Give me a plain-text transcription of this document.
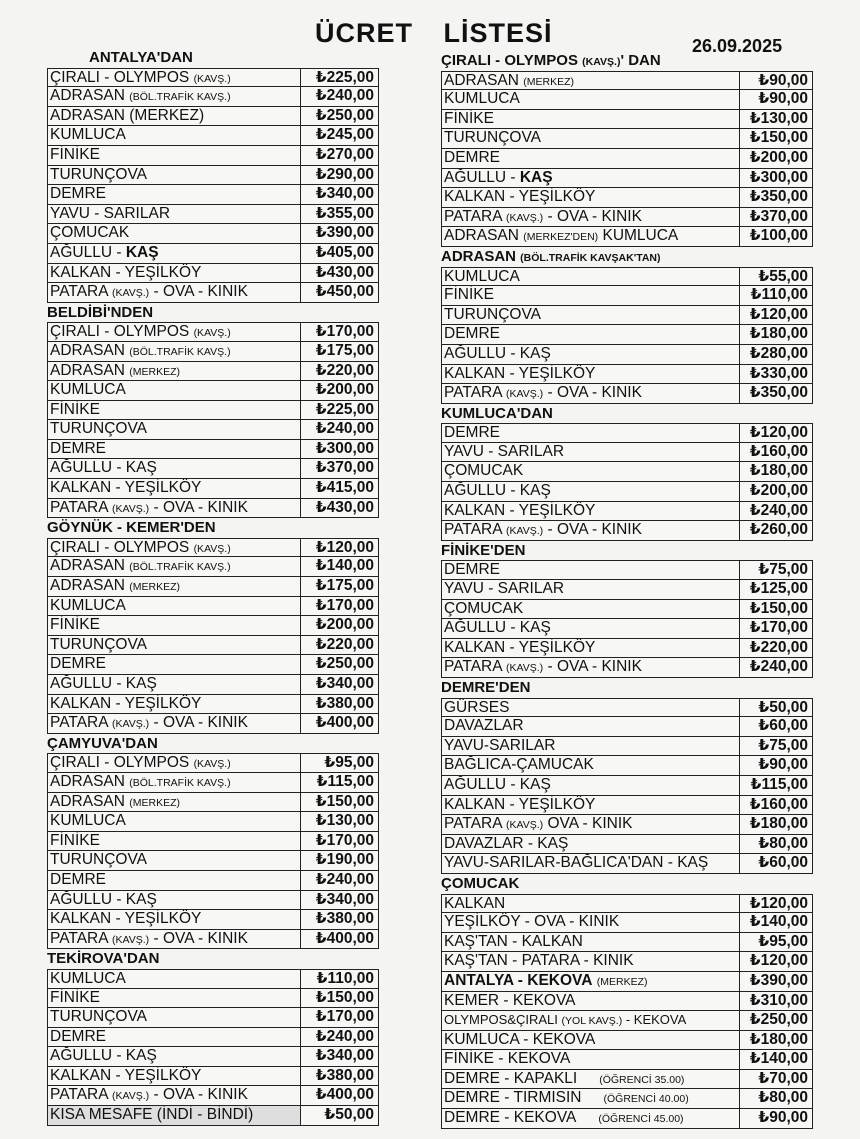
ÜCRET LİSTESİ	26.09.2025
ANTALYA'DAN
ÇIRALI - OLYMPOS (KAVŞ.)	₺225,00
ADRASAN (BÖL.TRAFİK KAVŞ.)	₺240,00
ADRASAN (MERKEZ)	₺250,00
KUMLUCA	₺245,00
FİNİKE	₺270,00
TURUNÇOVA	₺290,00
DEMRE	₺340,00
YAVU - SARILAR	₺355,00
ÇOMUCAK	₺390,00
AĞULLU - KAŞ	₺405,00
KALKAN - YEŞİLKÖY	₺430,00
PATARA (KAVŞ.) - OVA - KINIK	₺450,00
BELDİBİ'NDEN
ÇIRALI - OLYMPOS (KAVŞ.)	₺170,00
ADRASAN (BÖL.TRAFİK KAVŞ.)	₺175,00
ADRASAN (MERKEZ)	₺220,00
KUMLUCA	₺200,00
FİNİKE	₺225,00
TURUNÇOVA	₺240,00
DEMRE	₺300,00
AĞULLU - KAŞ	₺370,00
KALKAN - YEŞİLKÖY	₺415,00
PATARA (KAVŞ.) - OVA - KINIK	₺430,00
GÖYNÜK - KEMER'DEN
ÇIRALI - OLYMPOS (KAVŞ.)	₺120,00
ADRASAN (BÖL.TRAFİK KAVŞ.)	₺140,00
ADRASAN (MERKEZ)	₺175,00
KUMLUCA	₺170,00
FİNİKE	₺200,00
TURUNÇOVA	₺220,00
DEMRE	₺250,00
AĞULLU - KAŞ	₺340,00
KALKAN - YEŞİLKÖY	₺380,00
PATARA (KAVŞ.) - OVA - KINIK	₺400,00
ÇAMYUVA'DAN
ÇIRALI - OLYMPOS (KAVŞ.)	₺95,00
ADRASAN (BÖL.TRAFİK KAVŞ.)	₺115,00
ADRASAN (MERKEZ)	₺150,00
KUMLUCA	₺130,00
FİNİKE	₺170,00
TURUNÇOVA	₺190,00
DEMRE	₺240,00
AĞULLU - KAŞ	₺340,00
KALKAN - YEŞİLKÖY	₺380,00
PATARA (KAVŞ.) - OVA - KINIK	₺400,00
TEKİROVA'DAN
KUMLUCA	₺110,00
FİNİKE	₺150,00
TURUNÇOVA	₺170,00
DEMRE	₺240,00
AĞULLU - KAŞ	₺340,00
KALKAN - YEŞİLKÖY	₺380,00
PATARA (KAVŞ.) - OVA - KINIK	₺400,00
KISA MESAFE (İNDİ - BİNDİ)	₺50,00
ÇIRALI - OLYMPOS (KAVŞ.)' DAN
ADRASAN (MERKEZ)	₺90,00
KUMLUCA	₺90,00
FİNİKE	₺130,00
TURUNÇOVA	₺150,00
DEMRE	₺200,00
AĞULLU - KAŞ	₺300,00
KALKAN - YEŞİLKÖY	₺350,00
PATARA (KAVŞ.) - OVA - KINIK	₺370,00
ADRASAN (MERKEZ'DEN) KUMLUCA	₺100,00
ADRASAN (BÖL.TRAFİK KAVŞAK'TAN)
KUMLUCA	₺55,00
FİNİKE	₺110,00
TURUNÇOVA	₺120,00
DEMRE	₺180,00
AĞULLU - KAŞ	₺280,00
KALKAN - YEŞİLKÖY	₺330,00
PATARA (KAVŞ.) - OVA - KINIK	₺350,00
KUMLUCA'DAN
DEMRE	₺120,00
YAVU - SARILAR	₺160,00
ÇOMUCAK	₺180,00
AĞULLU - KAŞ	₺200,00
KALKAN - YEŞİLKÖY	₺240,00
PATARA (KAVŞ.) - OVA - KINIK	₺260,00
FİNİKE'DEN
DEMRE	₺75,00
YAVU - SARILAR	₺125,00
ÇOMUCAK	₺150,00
AĞULLU - KAŞ	₺170,00
KALKAN - YEŞİLKÖY	₺220,00
PATARA (KAVŞ.) - OVA - KINIK	₺240,00
DEMRE'DEN
GÜRSES	₺50,00
DAVAZLAR	₺60,00
YAVU-SARILAR	₺75,00
BAĞLICA-ÇAMUCAK	₺90,00
AĞULLU - KAŞ	₺115,00
KALKAN - YEŞİLKÖY	₺160,00
PATARA (KAVŞ.) OVA - KINIK	₺180,00
DAVAZLAR - KAŞ	₺80,00
YAVU-SARILAR-BAĞLICA'DAN - KAŞ	₺60,00
ÇOMUCAK
KALKAN	₺120,00
YEŞİLKÖY - OVA - KINIK	₺140,00
KAŞ'TAN - KALKAN	₺95,00
KAŞ'TAN - PATARA - KINIK	₺120,00
ANTALYA - KEKOVA (MERKEZ)	₺390,00
KEMER - KEKOVA	₺310,00
OLYMPOS&ÇIRALI (YOL KAVŞ.) - KEKOVA	₺250,00
KUMLUCA - KEKOVA	₺180,00
FİNİKE - KEKOVA	₺140,00
DEMRE - KAPAKLI (ÖĞRENCİ 35.00)	₺70,00
DEMRE - TIRMISIN (ÖĞRENCİ 40.00)	₺80,00
DEMRE - KEKOVA (ÖĞRENCİ 45.00)	₺90,00
